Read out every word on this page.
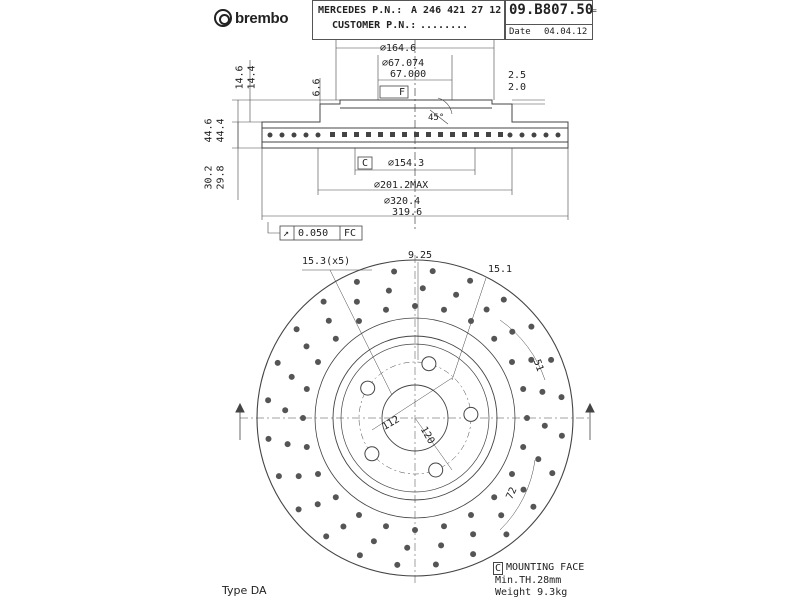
brembo	MERCEDES P.N.: A 246 421 27 12
CUSTOMER P.N.: ........
09.B807.50
=
Date 04.04.12
∅164.6
∅67.074
67.000	2.5
2.0
6.6
14.6 14.4
F
45°
44.6 44.4
30.2 29.8
C ∅154.3
∅201.2MAX
∅320.4
319.6
↗ 0.050 FC
15.3(x5)
9.25
15.1
51
112
120
72
Type DA
C MOUNTING FACE
Min.TH.28mm
Weight 9.3kg
